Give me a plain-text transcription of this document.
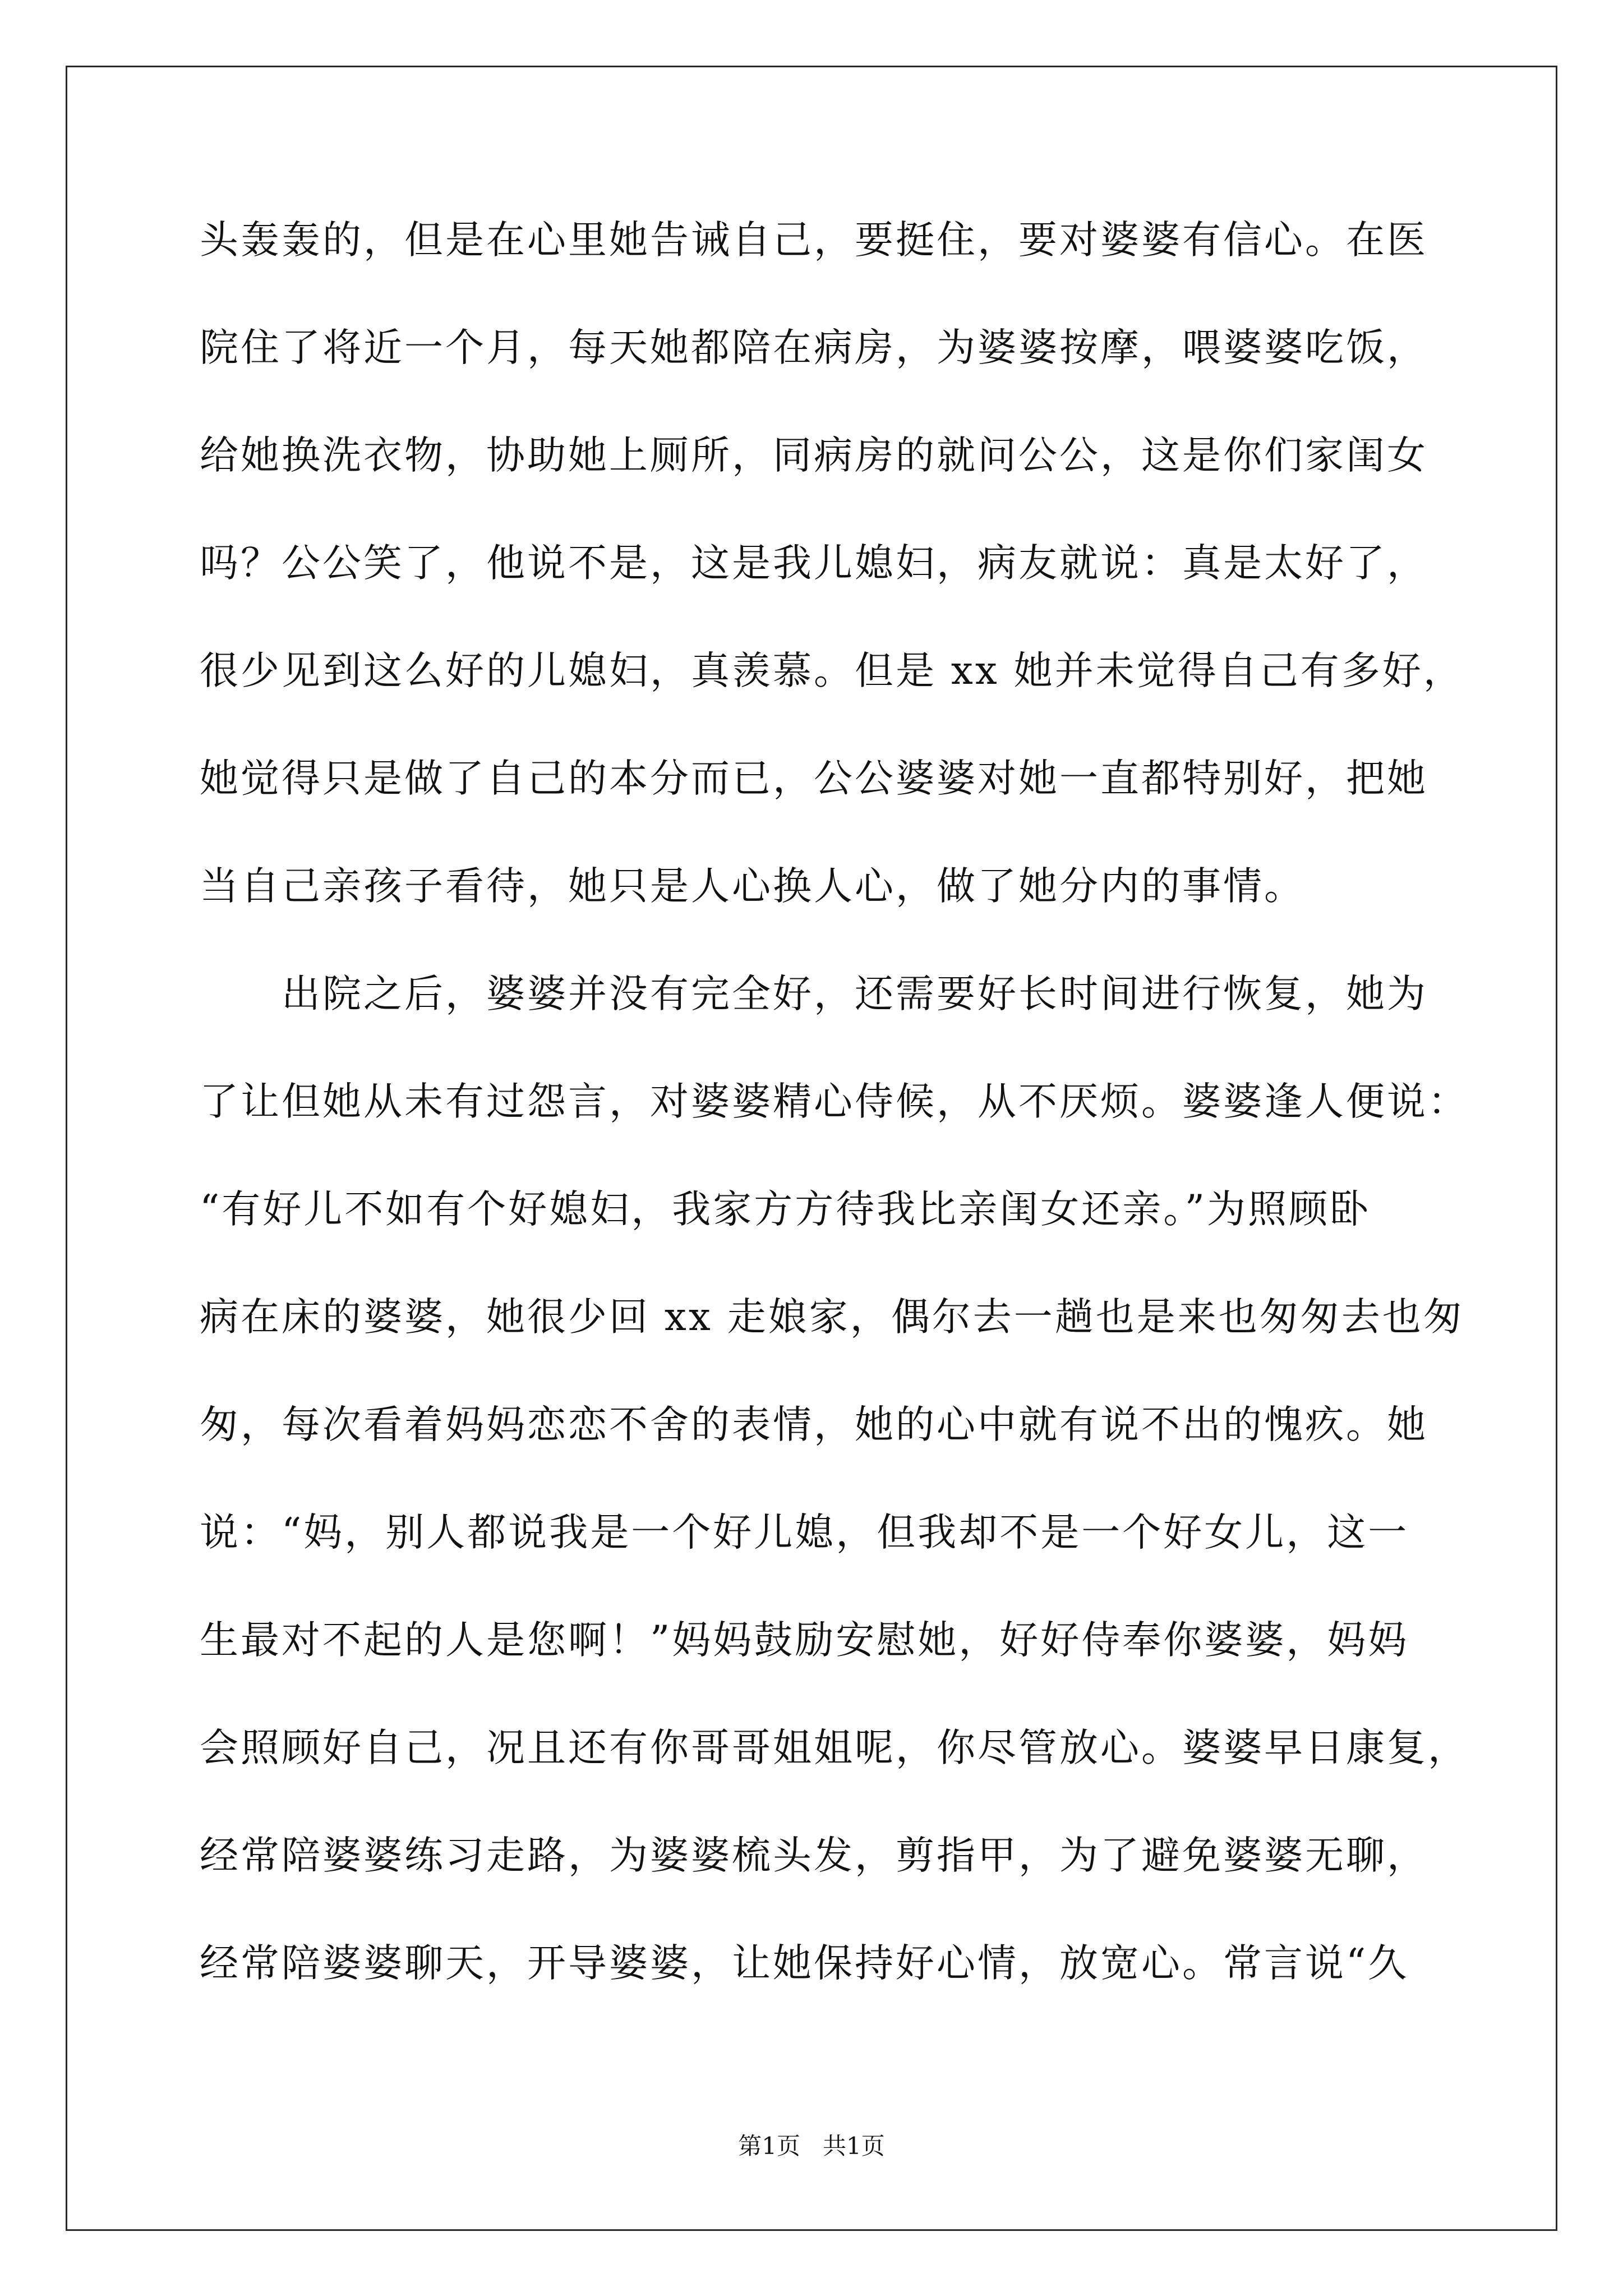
头轰轰的，但是在心里她告诫自己，要挺住，要对婆婆有信心。在医
院住了将近一个月，每天她都陪在病房，为婆婆按摩，喂婆婆吃饭，
给她换洗衣物，协助她上厕所，同病房的就问公公，这是你们家闺女
吗？公公笑了，他说不是，这是我儿媳妇，病友就说：真是太好了，
很少见到这么好的儿媳妇，真羡慕。但是 xx 她并未觉得自己有多好，
她觉得只是做了自己的本分而已，公公婆婆对她一直都特别好，把她
当自己亲孩子看待，她只是人心换人心，做了她分内的事情。
　　出院之后，婆婆并没有完全好，还需要好长时间进行恢复，她为
了让但她从未有过怨言，对婆婆精心侍候，从不厌烦。婆婆逢人便说：
“有好儿不如有个好媳妇，我家方方待我比亲闺女还亲。”为照顾卧
病在床的婆婆，她很少回 xx 走娘家，偶尔去一趟也是来也匆匆去也匆
匆，每次看着妈妈恋恋不舍的表情，她的心中就有说不出的愧疚。她
说：“妈，别人都说我是一个好儿媳，但我却不是一个好女儿，这一
生最对不起的人是您啊！”妈妈鼓励安慰她，好好侍奉你婆婆，妈妈
会照顾好自己，况且还有你哥哥姐姐呢，你尽管放心。婆婆早日康复，
经常陪婆婆练习走路，为婆婆梳头发，剪指甲，为了避免婆婆无聊，
经常陪婆婆聊天，开导婆婆，让她保持好心情，放宽心。常言说“久
第1页   共1页
